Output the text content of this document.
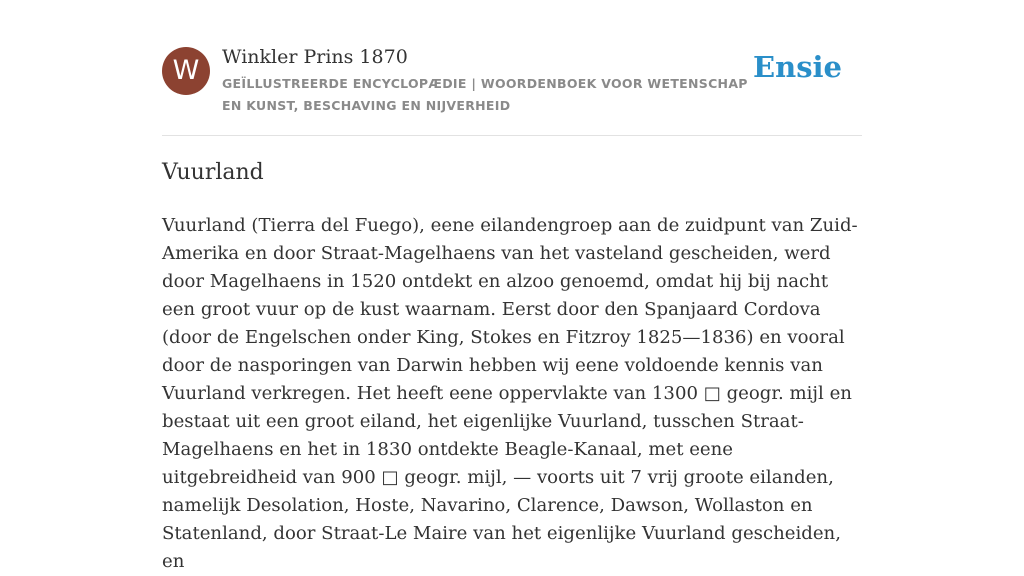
W	Winkler Prins 1870
GEÏLLUSTREERDE ENCYCLOPÆDIE | WOORDENBOEK VOOR WETENSCHAP EN KUNST, BESCHAVING EN NIJVERHEID
Ensie
Vuurland

Vuurland (Tierra del Fuego), eene eilandengroep aan de zuidpunt van Zuid-Amerika en door Straat-Magelhaens van het vasteland gescheiden, werd door Magelhaens in 1520 ontdekt en alzoo genoemd, omdat hij bij nacht een groot vuur op de kust waarnam. Eerst door den Spanjaard Cordova (door de Engelschen onder King, Stokes en Fitzroy 1825—1836) en vooral door de nasporingen van Darwin hebben wij eene voldoende kennis van Vuurland verkregen. Het heeft eene oppervlakte van 1300 □ geogr. mijl en bestaat uit een groot eiland, het eigenlijke Vuurland, tusschen Straat-Magelhaens en het in 1830 ontdekte Beagle-Kanaal, met eene uitgebreidheid van 900 □ geogr. mijl, — voorts uit 7 vrij groote eilanden, namelijk Desolation, Hoste, Navarino, Clarence, Dawson, Wollaston en Statenland, door Straat-Le Maire van het eigenlijke Vuurland gescheiden, en
